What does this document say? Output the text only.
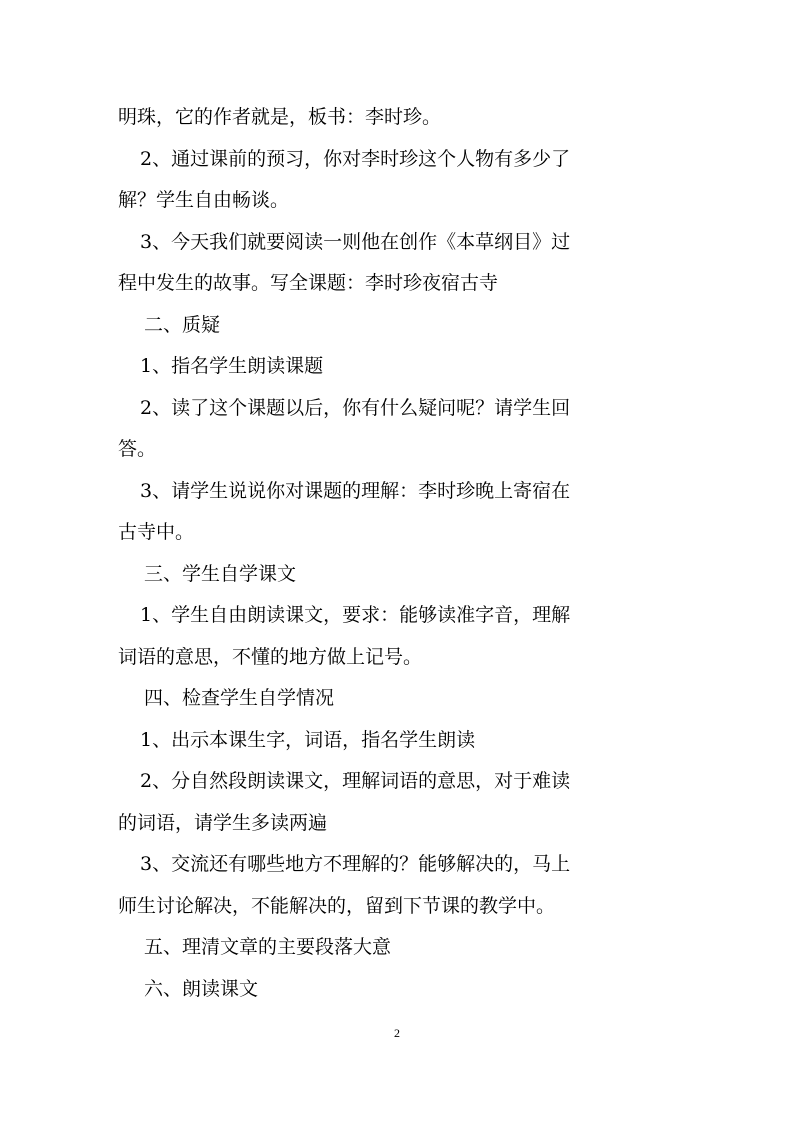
明珠，它的作者就是，板书：李时珍。
2、通过课前的预习，你对李时珍这个人物有多少了
解？学生自由畅谈。
3、今天我们就要阅读一则他在创作《本草纲目》过
程中发生的故事。写全课题：李时珍夜宿古寺
二、质疑
1、指名学生朗读课题
2、读了这个课题以后，你有什么疑问呢？请学生回
答。
3、请学生说说你对课题的理解：李时珍晚上寄宿在
古寺中。
三、学生自学课文
1、学生自由朗读课文，要求：能够读准字音，理解
词语的意思，不懂的地方做上记号。
四、检查学生自学情况
1、出示本课生字，词语，指名学生朗读
2、分自然段朗读课文，理解词语的意思，对于难读
的词语，请学生多读两遍
3、交流还有哪些地方不理解的？能够解决的，马上
师生讨论解决，不能解决的，留到下节课的教学中。
五、理清文章的主要段落大意
六、朗读课文
2
